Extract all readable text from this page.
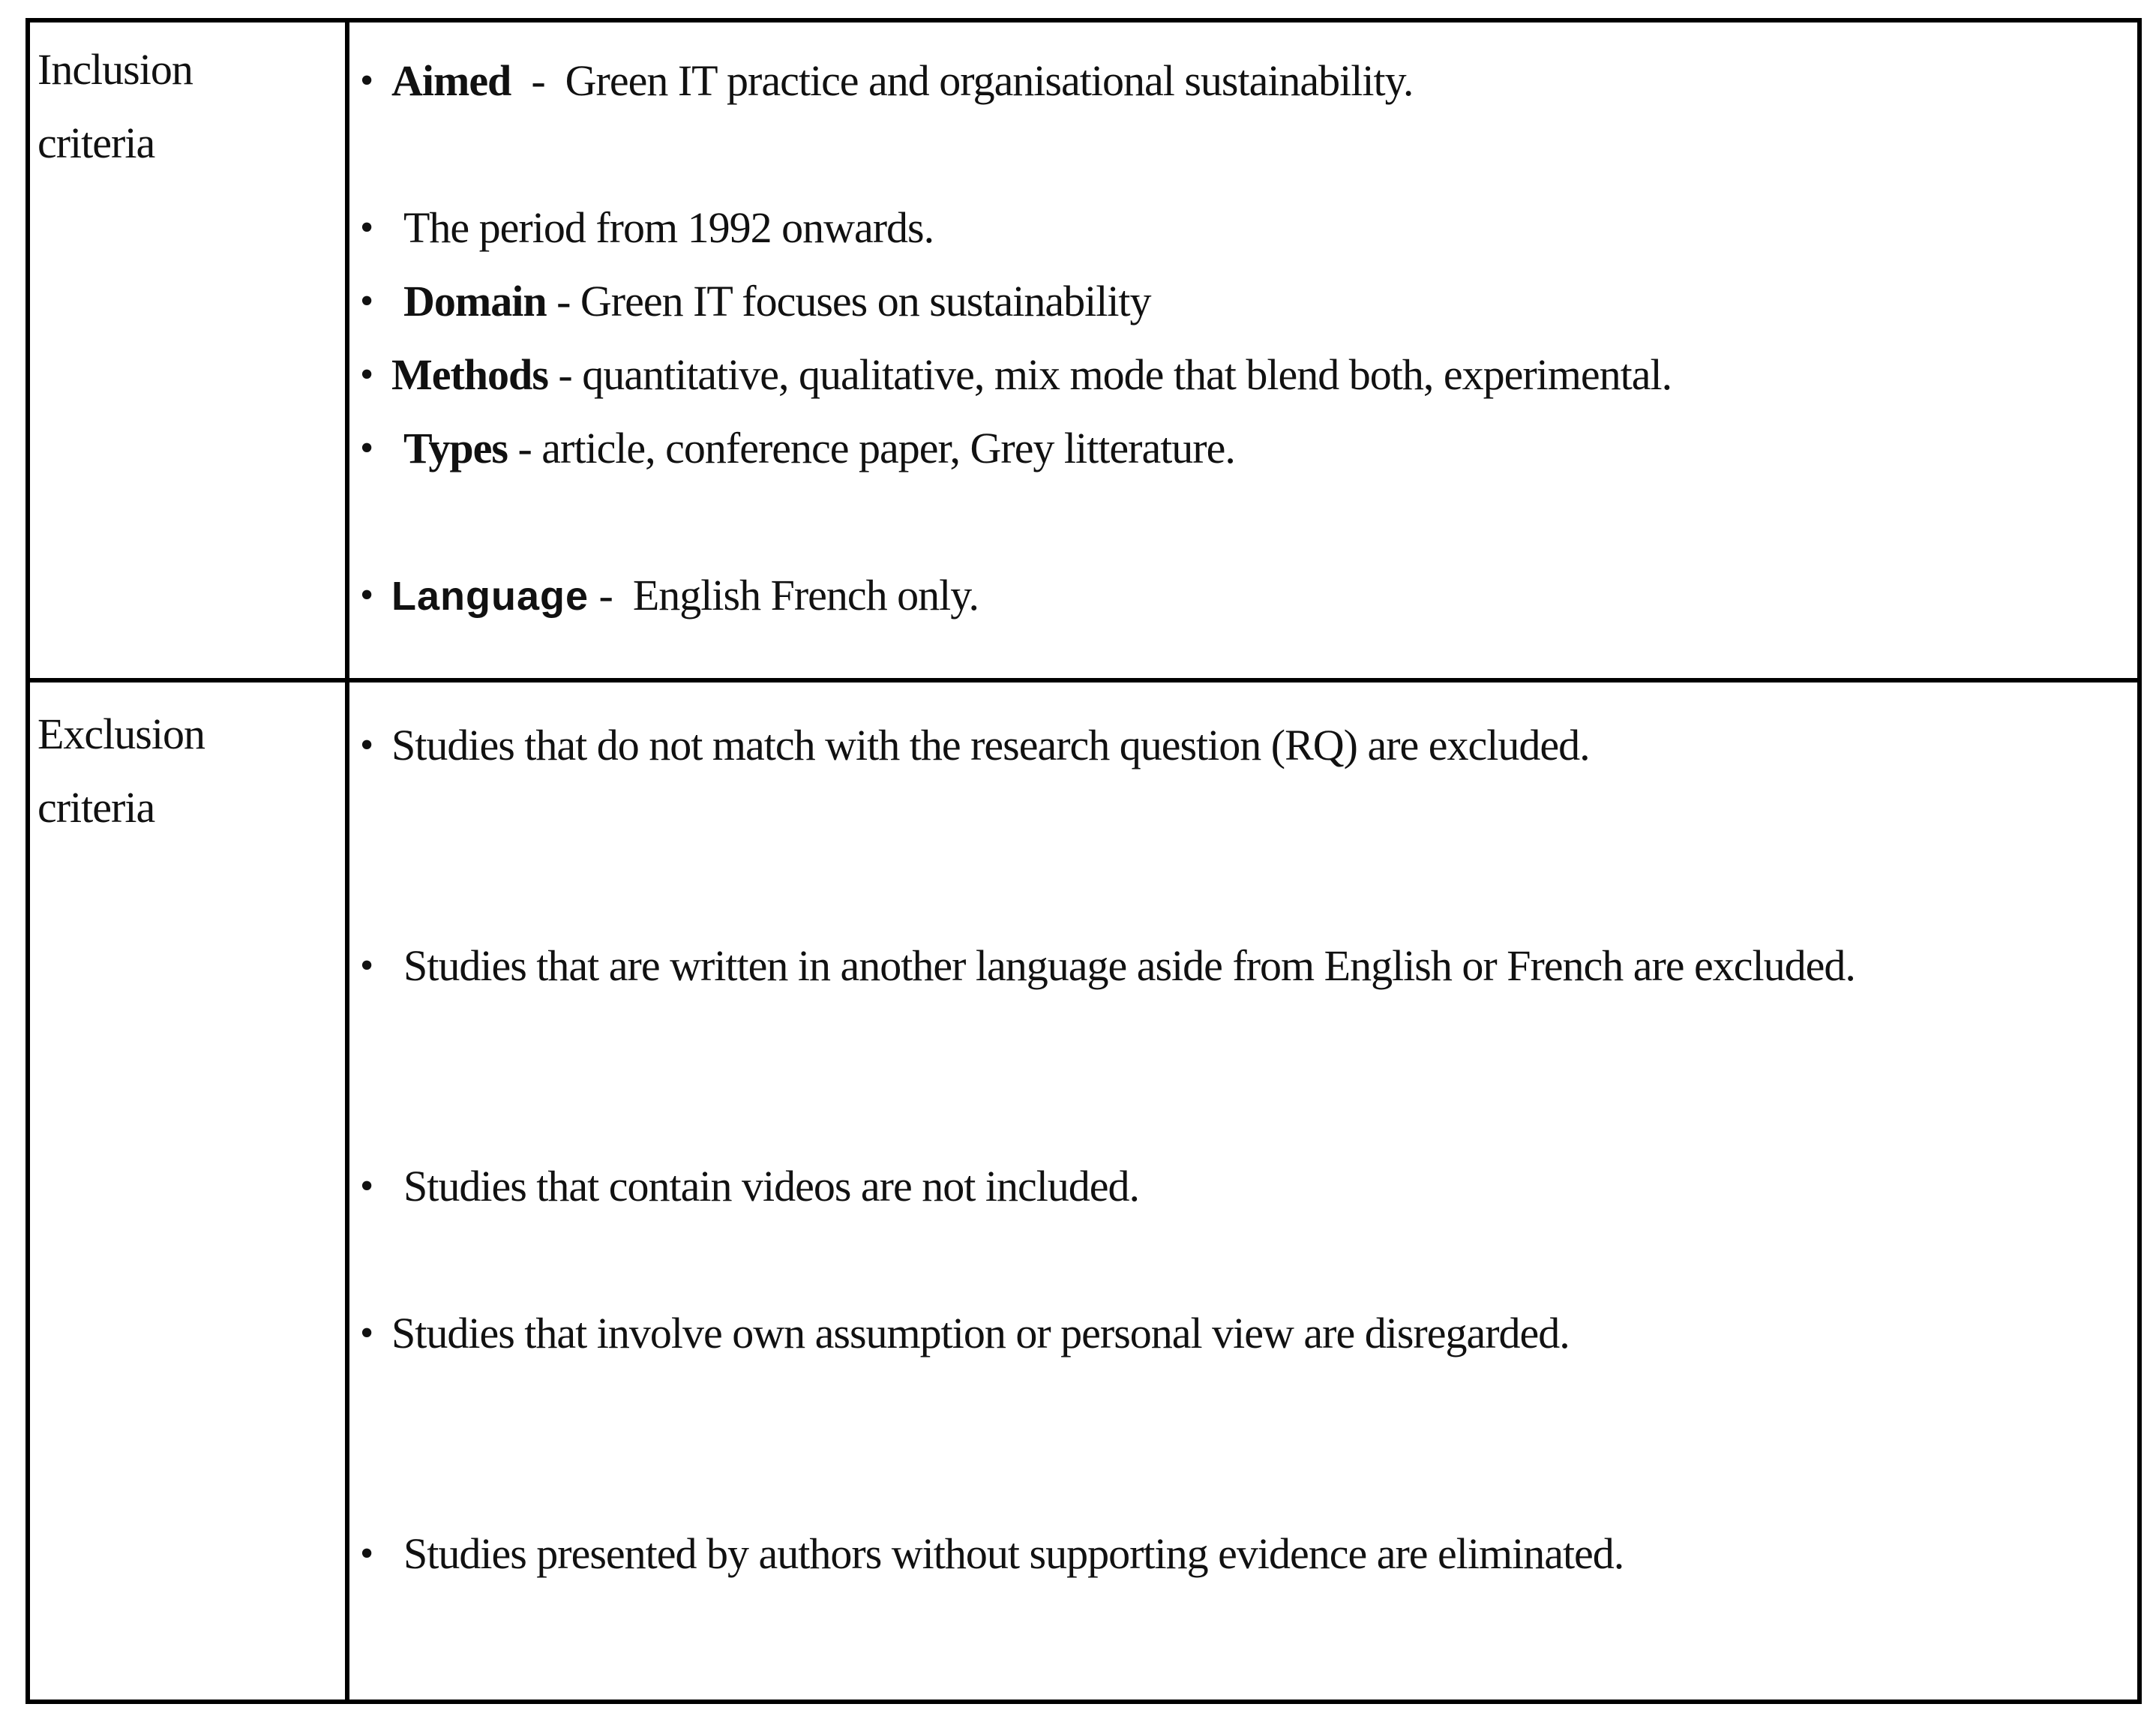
Inclusion
criteria
• Aimed  -  Green IT practice and organisational sustainability.
• The period from 1992 onwards.
• Domain - Green IT focuses on sustainability
• Methods - quantitative, qualitative, mix mode that blend both, experimental.
• Types - article, conference paper, Grey litterature.
• Language -  English French only.
Exclusion
criteria
• Studies that do not match with the research question (RQ) are excluded.
• Studies that are written in another language aside from English or French are excluded.
• Studies that contain videos are not included.
• Studies that involve own assumption or personal view are disregarded.
• Studies presented by authors without supporting evidence are eliminated.
